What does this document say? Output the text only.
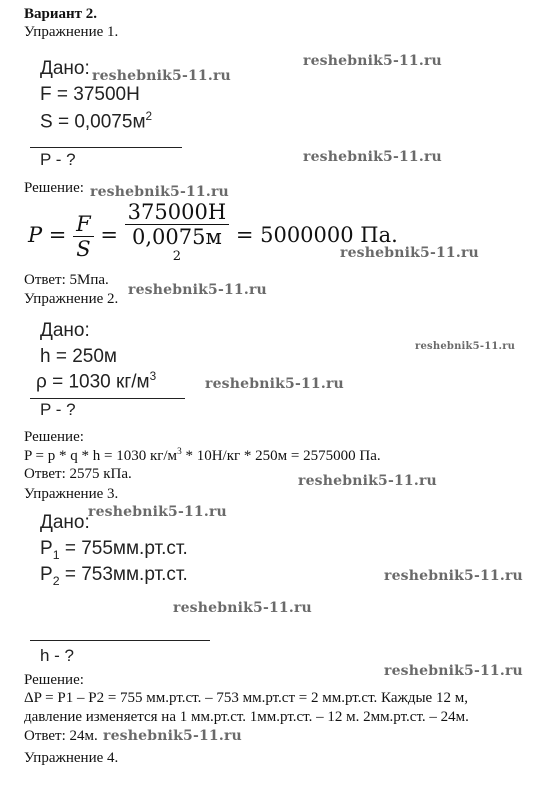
Вариант 2.
Упражнение 1.
Дано:
F = 37500H
$S = 0,0075м^2$
P - ?
Решение:
$P = \frac{F}{S} = 375000H$
0,0075м
$^2$ = 5000000 Па.
Ответ: 5Мпа.
Упражнение 2.
Дано:
h = 250м
ρ = 1030 $кг/м^3$
P - ?
Решение:
P = p * q * h = 1030 $кг/м^3 * 10Н/кг * 250м = 2575000$ Па.
Ответ: 2575 кПа.
Упражнение 3.
Дано:
$P_1 = 755мм.рт.ст$.
$P_2 = 753мм.рт.ст$.
h - ?
Решение:
ΔP = P1 – P2 = 755 мм.рт.ст. – 753 мм.рт.ст = 2 мм.рт.ст. Каждые 12 м,
давление изменяется на 1 мм.рт.ст. 1мм.рт.ст. – 12 м. 2мм.рт.ст. – 24м.
Ответ: 24м.
Упражнение 4.
reshebnik5-11.ru
reshebnik5-11.ru
reshebnik5-11.ru
reshebnik5-11.ru
reshebnik5-11.ru
reshebnik5-11.ru
reshebnik5-11.ru
reshebnik5-11.ru
reshebnik5-11.ru
reshebnik5-11.ru
reshebnik5-11.ru
reshebnik5-11.ru
reshebnik5-11.ru
reshebnik5-11.ru
